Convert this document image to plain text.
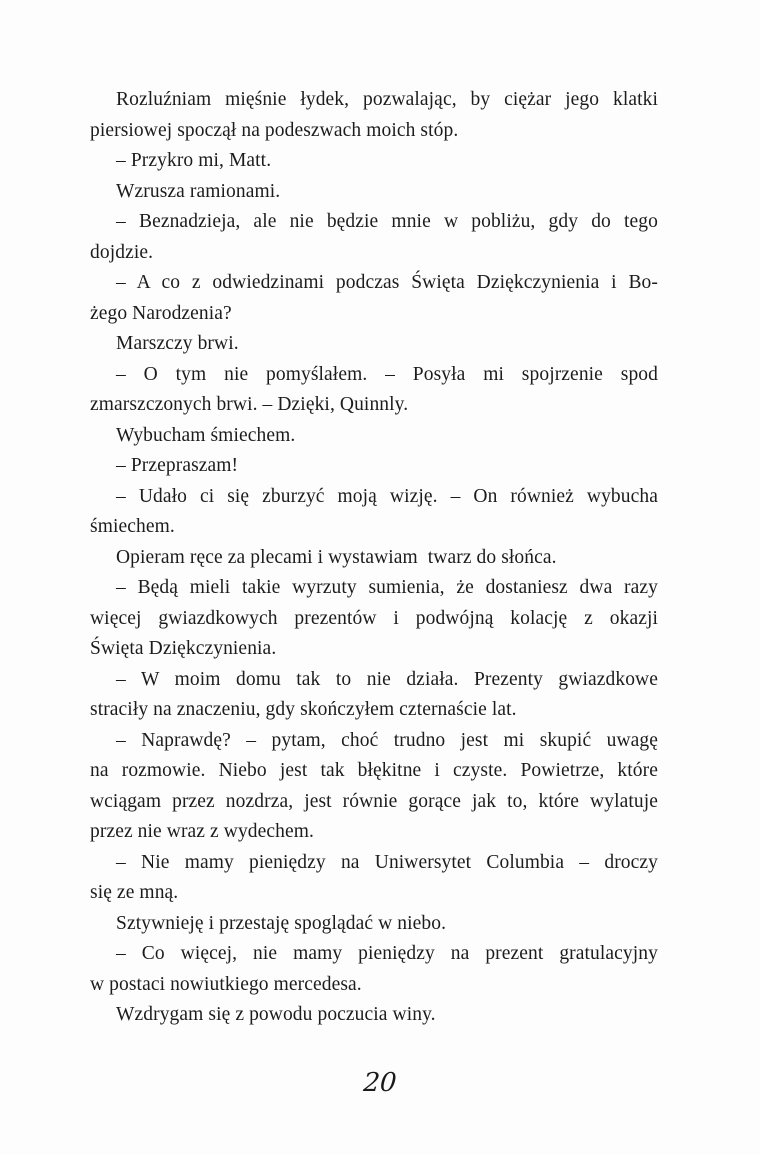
Rozluźniam mięśnie łydek, pozwalając, by ciężar jego klatki
piersiowej spoczął na podeszwach moich stóp.
– Przykro mi, Matt.
Wzrusza ramionami.
– Beznadzieja, ale nie będzie mnie w pobliżu, gdy do tego
dojdzie.
– A co z odwiedzinami podczas Święta Dziękczynienia i Bo-
żego Narodzenia?
Marszczy brwi.
– O tym nie pomyślałem. – Posyła mi spojrzenie spod
zmarszczonych brwi. – Dzięki, Quinnly.
Wybucham śmiechem.
– Przepraszam!
– Udało ci się zburzyć moją wizję. – On również wybucha
śmiechem.
Opieram ręce za plecami i wystawiam  twarz do słońca.
– Będą mieli takie wyrzuty sumienia, że dostaniesz dwa razy
więcej gwiazdkowych prezentów i podwójną kolację z okazji
Święta Dziękczynienia.
– W moim domu tak to nie działa. Prezenty gwiazdkowe
straciły na znaczeniu, gdy skończyłem czternaście lat.
– Naprawdę? – pytam, choć trudno jest mi skupić uwagę
na rozmowie. Niebo jest tak błękitne i czyste. Powietrze, które
wciągam przez nozdrza, jest równie gorące jak to, które wylatuje
przez nie wraz z wydechem.
– Nie mamy pieniędzy na Uniwersytet Columbia – droczy
się ze mną.
Sztywnieję i przestaję spoglądać w niebo.
– Co więcej, nie mamy pieniędzy na prezent gratulacyjny
w postaci nowiutkiego mercedesa.
Wzdrygam się z powodu poczucia winy.
20
